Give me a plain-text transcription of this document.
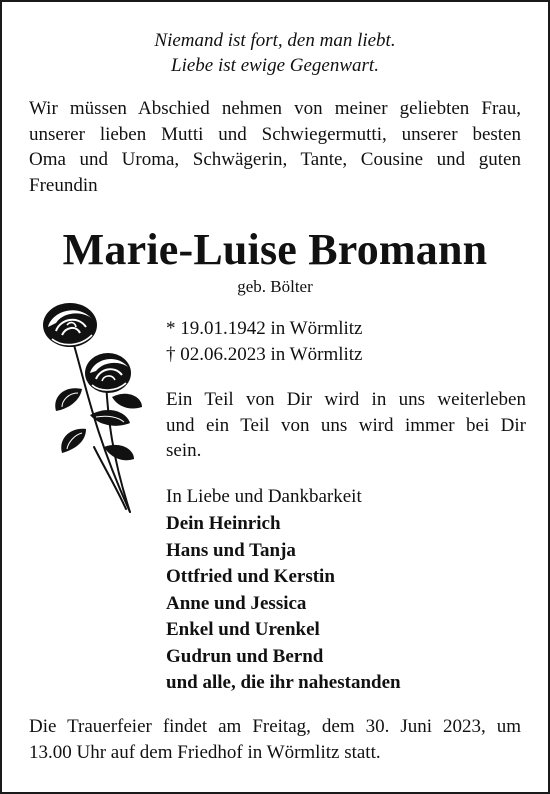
Niemand ist fort, den man liebt.
Liebe ist ewige Gegenwart.
Wir müssen Abschied nehmen von meiner geliebten Frau,
unserer lieben Mutti und Schwiegermutti, unserer besten
Oma und Uroma, Schwägerin, Tante, Cousine und guten
Freundin
Marie-Luise Bromann
geb. Bölter
* 19.01.1942 in Wörmlitz
† 02.06.2023 in Wörmlitz
Ein Teil von Dir wird in uns weiterleben
und ein Teil von uns wird immer bei Dir
sein.
In Liebe und Dankbarkeit
Dein Heinrich
Hans und Tanja
Ottfried und Kerstin
Anne und Jessica
Enkel und Urenkel
Gudrun und Bernd
und alle, die ihr nahestanden
Die Trauerfeier findet am Freitag, dem 30. Juni 2023, um
13.00 Uhr auf dem Friedhof in Wörmlitz statt.
